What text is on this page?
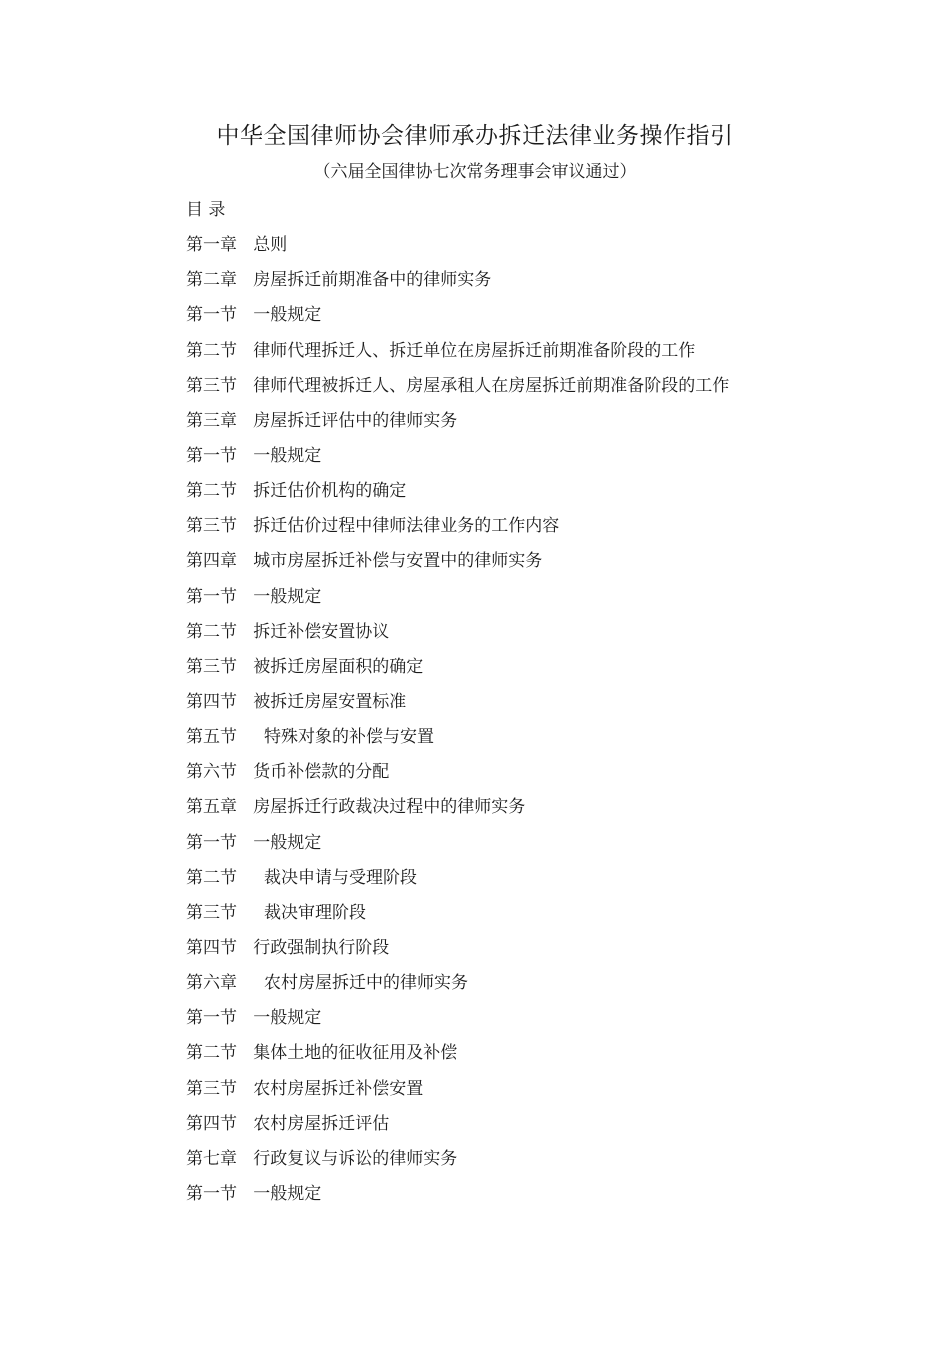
中华全国律师协会律师承办拆迁法律业务操作指引

（六届全国律协七次常务理事会审议通过）

目 录
第一章   总则
第二章   房屋拆迁前期准备中的律师实务
第一节   一般规定
第二节   律师代理拆迁人、拆迁单位在房屋拆迁前期准备阶段的工作
第三节   律师代理被拆迁人、房屋承租人在房屋拆迁前期准备阶段的工作
第三章   房屋拆迁评估中的律师实务
第一节   一般规定
第二节   拆迁估价机构的确定
第三节   拆迁估价过程中律师法律业务的工作内容
第四章   城市房屋拆迁补偿与安置中的律师实务
第一节   一般规定
第二节   拆迁补偿安置协议
第三节   被拆迁房屋面积的确定
第四节   被拆迁房屋安置标准
第五节     特殊对象的补偿与安置
第六节   货币补偿款的分配
第五章   房屋拆迁行政裁决过程中的律师实务
第一节   一般规定
第二节     裁决申请与受理阶段
第三节     裁决审理阶段
第四节   行政强制执行阶段
第六章     农村房屋拆迁中的律师实务
第一节   一般规定
第二节   集体土地的征收征用及补偿
第三节   农村房屋拆迁补偿安置
第四节   农村房屋拆迁评估
第七章   行政复议与诉讼的律师实务
第一节   一般规定
